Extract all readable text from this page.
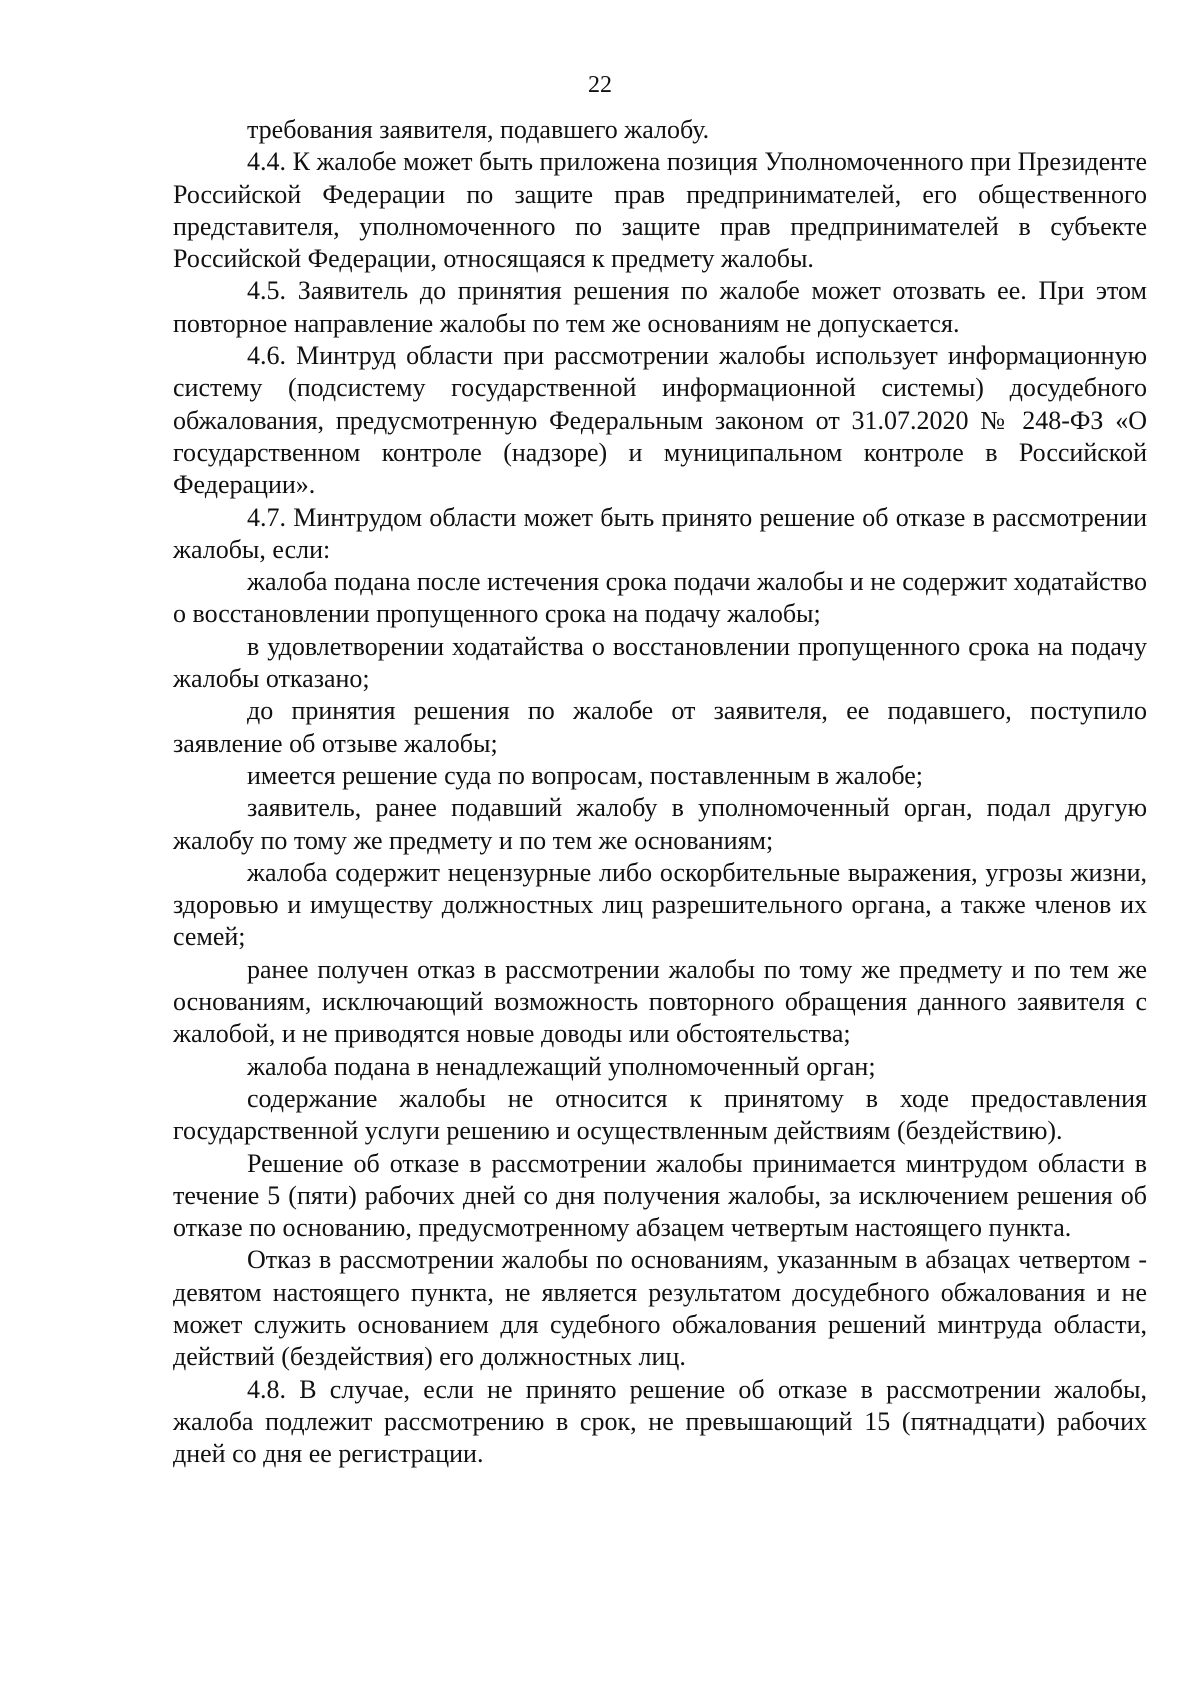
22

требования заявителя, подавшего жалобу.

4.4. К жалобе может быть приложена позиция Уполномоченного при Президенте Российской Федерации по защите прав предпринимателей, его общественного представителя, уполномоченного по защите прав предпринимателей в субъекте Российской Федерации, относящаяся к предмету жалобы.

4.5. Заявитель до принятия решения по жалобе может отозвать ее. При этом повторное направление жалобы по тем же основаниям не допускается.

4.6. Минтруд области при рассмотрении жалобы использует информационную систему (подсистему государственной информационной системы) досудебного обжалования, предусмотренную Федеральным законом от 31.07.2020 № 248-ФЗ «О государственном контроле (надзоре) и муниципальном контроле в Российской Федерации».

4.7. Минтрудом области может быть принято решение об отказе в рассмотрении жалобы, если:

жалоба подана после истечения срока подачи жалобы и не содержит ходатайство о восстановлении пропущенного срока на подачу жалобы;

в удовлетворении ходатайства о восстановлении пропущенного срока на подачу жалобы отказано;

до принятия решения по жалобе от заявителя, ее подавшего, поступило заявление об отзыве жалобы;

имеется решение суда по вопросам, поставленным в жалобе;

заявитель, ранее подавший жалобу в уполномоченный орган, подал другую жалобу по тому же предмету и по тем же основаниям;

жалоба содержит нецензурные либо оскорбительные выражения, угрозы жизни, здоровью и имуществу должностных лиц разрешительного органа, а также членов их семей;

ранее получен отказ в рассмотрении жалобы по тому же предмету и по тем же основаниям, исключающий возможность повторного обращения данного заявителя с жалобой, и не приводятся новые доводы или обстоятельства;

жалоба подана в ненадлежащий уполномоченный орган;

содержание жалобы не относится к принятому в ходе предоставления государственной услуги решению и осуществленным действиям (бездействию).

Решение об отказе в рассмотрении жалобы принимается минтрудом области в течение 5 (пяти) рабочих дней со дня получения жалобы, за исключением решения об отказе по основанию, предусмотренному абзацем четвертым настоящего пункта.

Отказ в рассмотрении жалобы по основаниям, указанным в абзацах четвертом - девятом настоящего пункта, не является результатом досудебного обжалования и не может служить основанием для судебного обжалования решений минтруда области, действий (бездействия) его должностных лиц.

4.8. В случае, если не принято решение об отказе в рассмотрении жалобы, жалоба подлежит рассмотрению в срок, не превышающий 15 (пятнадцати) рабочих дней со дня ее регистрации.
